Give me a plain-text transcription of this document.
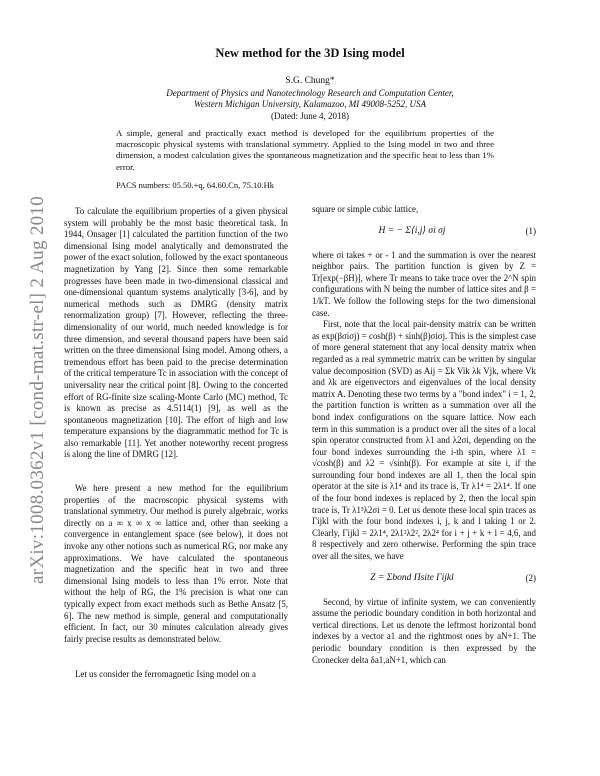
arXiv:1008.0362v1 [cond-mat.str-el] 2 Aug 2010
New method for the 3D Ising model
S.G. Chung*
Department of Physics and Nanotechnology Research and Computation Center,
Western Michigan University, Kalamazoo, MI 49008-5252, USA
(Dated: June 4, 2018)
A simple, general and practically exact method is developed for the equilibrium properties of the macroscopic physical systems with translational symmetry. Applied to the Ising model in two and three dimension, a modest calculation gives the spontaneous magnetization and the specific heat to less than 1% error.
PACS numbers: 05.50.+q, 64.60.Cn, 75.10.Hk

To calculate the equilibrium properties of a given physical system will probably be the most basic theoretical task. In 1944, Onsager [1] calculated the partition function of the two dimensional Ising model analytically and demonstrated the power of the exact solution, followed by the exact spontaneous magnetization by Yang [2]. Since then some remarkable progresses have been made in two-dimensional classical and one-dimensional quantum systems analytically [3-6], and by numerical methods such as DMRG (density matrix renormalization group) [7]. However, reflecting the three-dimensionality of our world, much needed knowledge is for three dimension, and several thousand papers have been said written on the three dimensional Ising model. Among others, a tremendous effort has been paid to the precise determination of the critical temperature Tc in association with the concept of universality near the critical point [8]. Owing to the concerted effort of RG-finite size scaling-Monte Carlo (MC) method, Tc is known as precise as 4.5114(1) [9], as well as the spontaneous magnetization [10]. The effort of high and low temperature expansions by the diagrammatic method for Tc is also remarkable [11]. Yet another noteworthy recent progress is along the line of DMRG [12].

We here present a new method for the equilibrium properties of the macroscopic physical systems with translational symmetry. Our method is purely algebraic, works directly on a ∞ x ∞ x ∞ lattice and, other than seeking a convergence in entanglement space (see below), it does not invoke any other notions such as numerical RG, nor make any approximations. We have calculated the spontaneous magnetization and the specific heat in two and three dimensional Ising models to less than 1% error. Note that without the help of RG, the 1% precision is what one can typically expect from exact methods such as Bethe Ansatz [5, 6]. The new method is simple, general and computationally efficient. In fact, our 30 minutes calculation already gives fairly precise results as demonstrated below.

Let us consider the ferromagnetic Ising model on a

square or simple cubic lattice,

H = − Σ⟨i,j⟩ σi σj	(1)

where σi takes + or - 1 and the summation is over the nearest neighbor pairs. The partition function is given by Z = Tr[exp(−βH)], where Tr means to take trace over the 2^N spin configurations with N being the number of lattice sites and β = 1/kT. We follow the following steps for the two dimensional case.

First, note that the local pair-density matrix can be written as exp(βσiσj) = cosh(β) + sinh(β)σiσj. This is the simplest case of more general statement that any local density matrix when regarded as a real symmetric matrix can be written by singular value decomposition (SVD) as Aij = Σk Vik λk Vjk, where Vk and λk are eigenvectors and eigenvalues of the local density matrix A. Denoting these two terms by a "bond index" i = 1, 2, the partition function is written as a summation over all the bond index configurations on the square lattice. Now each term in this summation is a product over all the sites of a local spin operator constructed from λ1 and λ2σi, depending on the four bond indexes surrounding the i-th spin, where λ1 = √cosh(β) and λ2 = √sinh(β). For example at site i, if the surrounding four bond indexes are all 1, then the local spin operator at the site is λ1⁴ and its trace is, Tr λ1⁴ = 2λ1⁴. If one of the four bond indexes is replaced by 2, then the local spin trace is, Tr λ1³λ2σi = 0. Let us denote these local spin traces as Γijkl with the four bond indexes i, j, k and l taking 1 or 2. Clearly, Γijkl = 2λ1⁴, 2λ1²λ2², 2λ2⁴ for i + j + k + l = 4,6, and 8 respectively and zero otherwise. Performing the spin trace over all the sites, we have

Z = Σbond Πsite Γijkl	(2)

Second, by virtue of infinite system, we can conveniently assume the periodic boundary condition in both horizontal and vertical directions. Let us denote the leftmost horizontal bond indexes by a vector a1 and the rightmost ones by aN+1. The periodic boundary condition is then expressed by the Cronecker delta δa1,aN+1, which can
